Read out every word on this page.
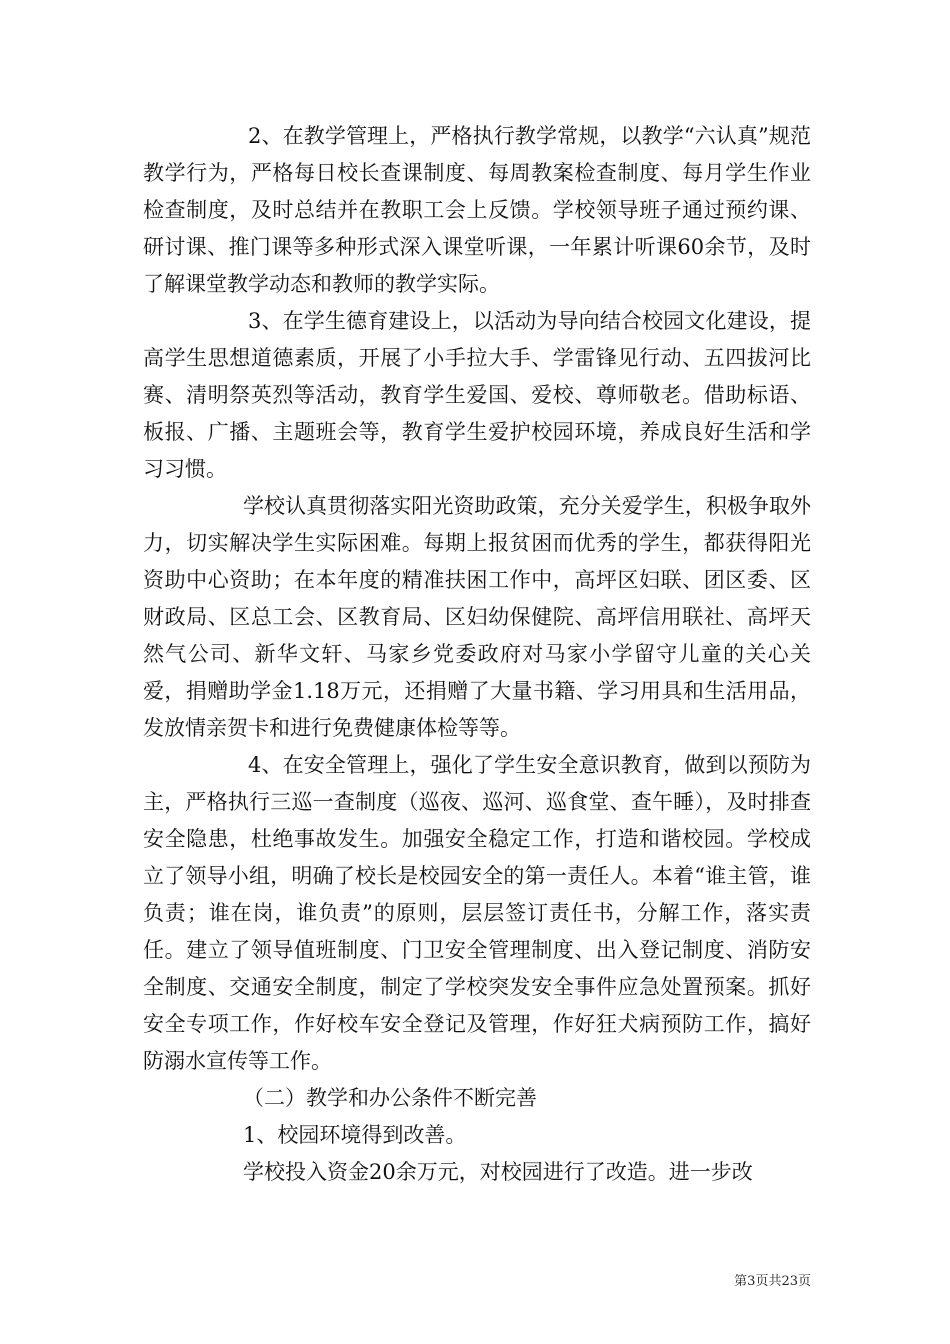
2、在教学管理上，严格执行教学常规，以教学“六认真”规范教学行为，严格每日校长查课制度、每周教案检查制度、每月学生作业检查制度，及时总结并在教职工会上反馈。学校领导班子通过预约课、研讨课、推门课等多种形式深入课堂听课，一年累计听课60余节，及时了解课堂教学动态和教师的教学实际。

3、在学生德育建设上，以活动为导向结合校园文化建设，提高学生思想道德素质，开展了小手拉大手、学雷锋见行动、五四拔河比赛、清明祭英烈等活动，教育学生爱国、爱校、尊师敬老。借助标语、板报、广播、主题班会等，教育学生爱护校园环境，养成良好生活和学习习惯。

学校认真贯彻落实阳光资助政策，充分关爱学生，积极争取外力，切实解决学生实际困难。每期上报贫困而优秀的学生，都获得阳光资助中心资助；在本年度的精准扶困工作中，高坪区妇联、团区委、区财政局、区总工会、区教育局、区妇幼保健院、高坪信用联社、高坪天然气公司、新华文轩、马家乡党委政府对马家小学留守儿童的关心关爱，捐赠助学金1.18万元，还捐赠了大量书籍、学习用具和生活用品，发放情亲贺卡和进行免费健康体检等等。

4、在安全管理上，强化了学生安全意识教育，做到以预防为主，严格执行三巡一查制度（巡夜、巡河、巡食堂、查午睡），及时排查安全隐患，杜绝事故发生。加强安全稳定工作，打造和谐校园。学校成立了领导小组，明确了校长是校园安全的第一责任人。本着“谁主管，谁负责；谁在岗，谁负责”的原则，层层签订责任书，分解工作，落实责任。建立了领导值班制度、门卫安全管理制度、出入登记制度、消防安全制度、交通安全制度，制定了学校突发安全事件应急处置预案。抓好安全专项工作，作好校车安全登记及管理，作好狂犬病预防工作，搞好防溺水宣传等工作。

（二）教学和办公条件不断完善

1、校园环境得到改善。

学校投入资金20余万元，对校园进行了改造。进一步改

第3页共23页
